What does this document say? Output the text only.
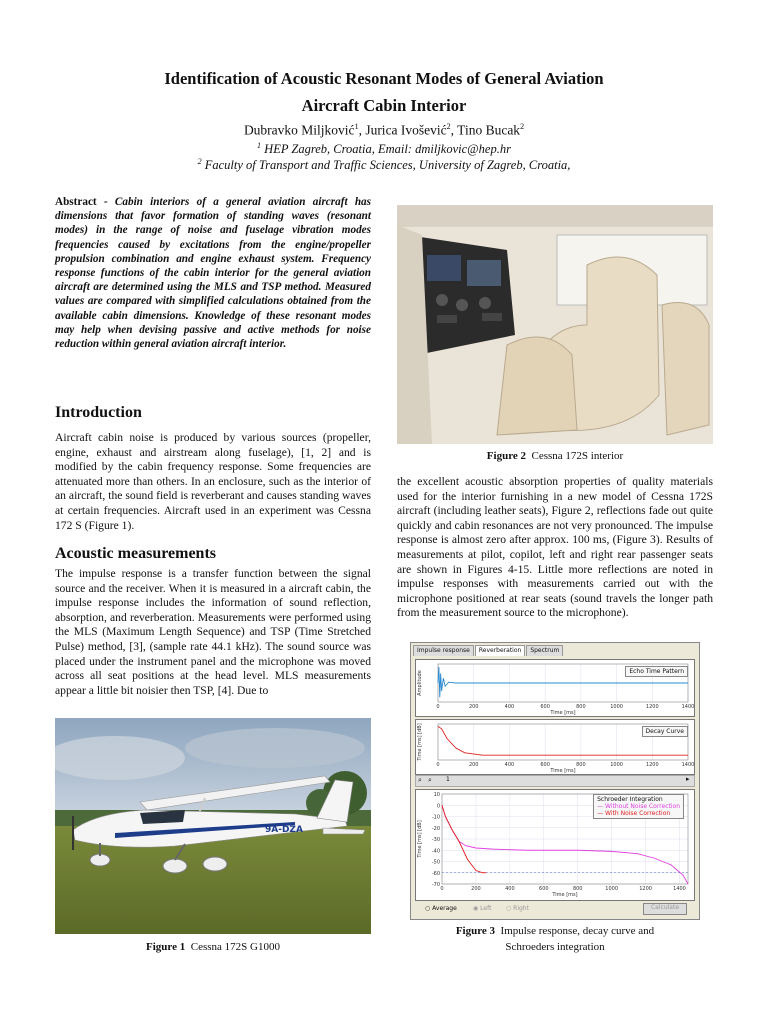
Identification of Acoustic Resonant Modes of General Aviation
Aircraft Cabin Interior
Dubravko Miljković$^1$, Jurica Ivošević$^2$, Tino Bucak$^2$
$^1$ HEP Zagreb, Croatia, Email: dmiljkovic@hep.hr
$^2$ Faculty of Transport and Traffic Sciences, University of Zagreb, Croatia,
Abstract - Cabin interiors of a general aviation aircraft has dimensions that favor formation of standing waves (resonant modes) in the range of noise and fuselage vibration modes frequencies caused by excitations from the engine/propeller propulsion combination and engine exhaust system. Frequency response functions of the cabin interior for the general aviation aircraft are determined using the MLS and TSP method. Measured values are compared with simplified calculations obtained from the available cabin dimensions. Knowledge of these resonant modes may help when devising passive and active methods for noise reduction within general aviation aircraft interior.
Introduction
Aircraft cabin noise is produced by various sources (propeller, engine, exhaust and airstream along fuselage), [1, 2] and is modified by the cabin frequency response. Some frequencies are attenuated more than others. In an enclosure, such as the interior of an aircraft, the sound field is reverberant and causes standing waves at certain frequencies. Aircraft used in an experiment was Cessna 172 S (Figure 1).
Acoustic measurements
The impulse response is a transfer function between the signal source and the receiver. When it is measured in a aircraft cabin, the impulse response includes the information of sound reflection, absorption, and reverberation. Measurements were performed using the MLS (Maximum Length Sequence) and TSP (Time Stretched Pulse) method, [3], (sample rate 44.1 kHz). The sound source was placed under the instrument panel and the microphone was moved across all seat positions at the head level. MLS measurements appear a little bit noisier then TSP, [4]. Due to
9A-DZA
Figure 1 Cessna 172S G1000
Figure 2 Cessna 172S interior
the excellent acoustic absorption properties of quality materials used for the interior furnishing in a new model of Cessna 172S aircraft (including leather seats), Figure 2, reflections fade out quite quickly and cabin resonances are not very pronounced. The impulse response is almost zero after approx. 100 ms, (Figure 3). Results of measurements at pilot, copilot, left and right rear passenger seats are shown in Figures 4-15. Little more reflections are noted in impulse responses with measurements carried out with the microphone positioned at rear seats (sound travels the longer path from the measurement source to the microphone).
Impulse response	Reverberation	Spectrum
0	200	400	600	800	1000	1200	1400
Time [ms]
Amplitude	Echo Time Pattern
0	200	400	600	800	1000	1200	1400
Time [ms]
Time [ms] [dB]	Decay Curve
⌕ ⌕ 1	▸
0	200	400	600	800	1000	1200	1400
10
0
-10
-20
-30
-40
-50
-60
-70
Time [ms]
Time [ms] [dB]
Schroeder Integration
— Without Noise Correction
— With Noise Correction
○ Average	◉ Left ○ Right	Calculate
Figure 3 Impulse response, decay curve and
Schroeders integration
